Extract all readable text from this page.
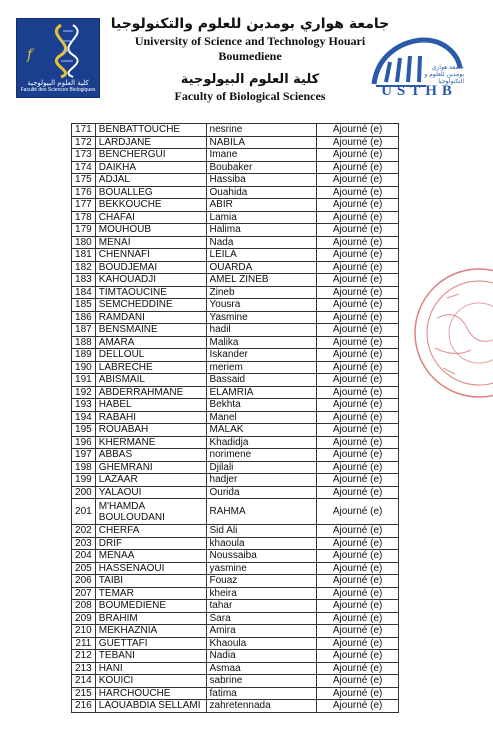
f
كلية العلوم البيولوجية
Faculté des Sciences Biologiques
جامعة هواري بومدين للعلوم والتكنولوجيا
University of Science and Technology Houari
Boumediene
كلية العلوم البيولوجية
Faculty of Biological Sciences
جامعة هواري بومدين للعلوم و التكنولوجيا
USTHB
171	BENBATTOUCHE	nesrine	Ajourné (e)
172	LARDJANE	NABILA	Ajourné (e)
173	BENCHERGUI	Imane	Ajourné (e)
174	DAIKHA	Boubaker	Ajourné (e)
175	ADJAL	Hassiba	Ajourné (e)
176	BOUALLEG	Ouahida	Ajourné (e)
177	BEKKOUCHE	ABIR	Ajourné (e)
178	CHAFAI	Lamia	Ajourné (e)
179	MOUHOUB	Halima	Ajourné (e)
180	MENAI	Nada	Ajourné (e)
181	CHENNAFI	LEILA	Ajourné (e)
182	BOUDJEMAI	OUARDA	Ajourné (e)
183	KAHOUADJI	AMEL ZINEB	Ajourné (e)
184	TIMTAOUCINE	Zineb	Ajourné (e)
185	SEMCHEDDINE	Yousra	Ajourné (e)
186	RAMDANI	Yasmine	Ajourné (e)
187	BENSMAINE	hadil	Ajourné (e)
188	AMARA	Malika	Ajourné (e)
189	DELLOUL	Iskander	Ajourné (e)
190	LABRECHE	meriem	Ajourné (e)
191	ABISMAIL	Bassaid	Ajourné (e)
192	ABDERRAHMANE	ELAMRIA	Ajourné (e)
193	HABEL	Bekhta	Ajourné (e)
194	RABAHI	Manel	Ajourné (e)
195	ROUABAH	MALAK	Ajourné (e)
196	KHERMANE	Khadidja	Ajourné (e)
197	ABBAS	norimene	Ajourné (e)
198	GHEMRANI	Djilali	Ajourné (e)
199	LAZAAR	hadjer	Ajourné (e)
200	YALAOUI	Ourida	Ajourné (e)
201	M'HAMDA BOULOUDANI	RAHMA	Ajourné (e)
202	CHERFA	Sid Ali	Ajourné (e)
203	DRIF	khaoula	Ajourné (e)
204	MENAA	Noussaiba	Ajourné (e)
205	HASSENAOUI	yasmine	Ajourné (e)
206	TAIBI	Fouaz	Ajourné (e)
207	TEMAR	kheira	Ajourné (e)
208	BOUMEDIENE	tahar	Ajourné (e)
209	BRAHIM	Sara	Ajourné (e)
210	MEKHAZNIA	Amira	Ajourné (e)
211	GUETTAFI	Khaoula	Ajourné (e)
212	TEBANI	Nadia	Ajourné (e)
213	HANI	Asmaa	Ajourné (e)
214	KOUICI	sabrine	Ajourné (e)
215	HARCHOUCHE	fatima	Ajourné (e)
216	LAOUABDIA SELLAMI	zahretennada	Ajourné (e)
